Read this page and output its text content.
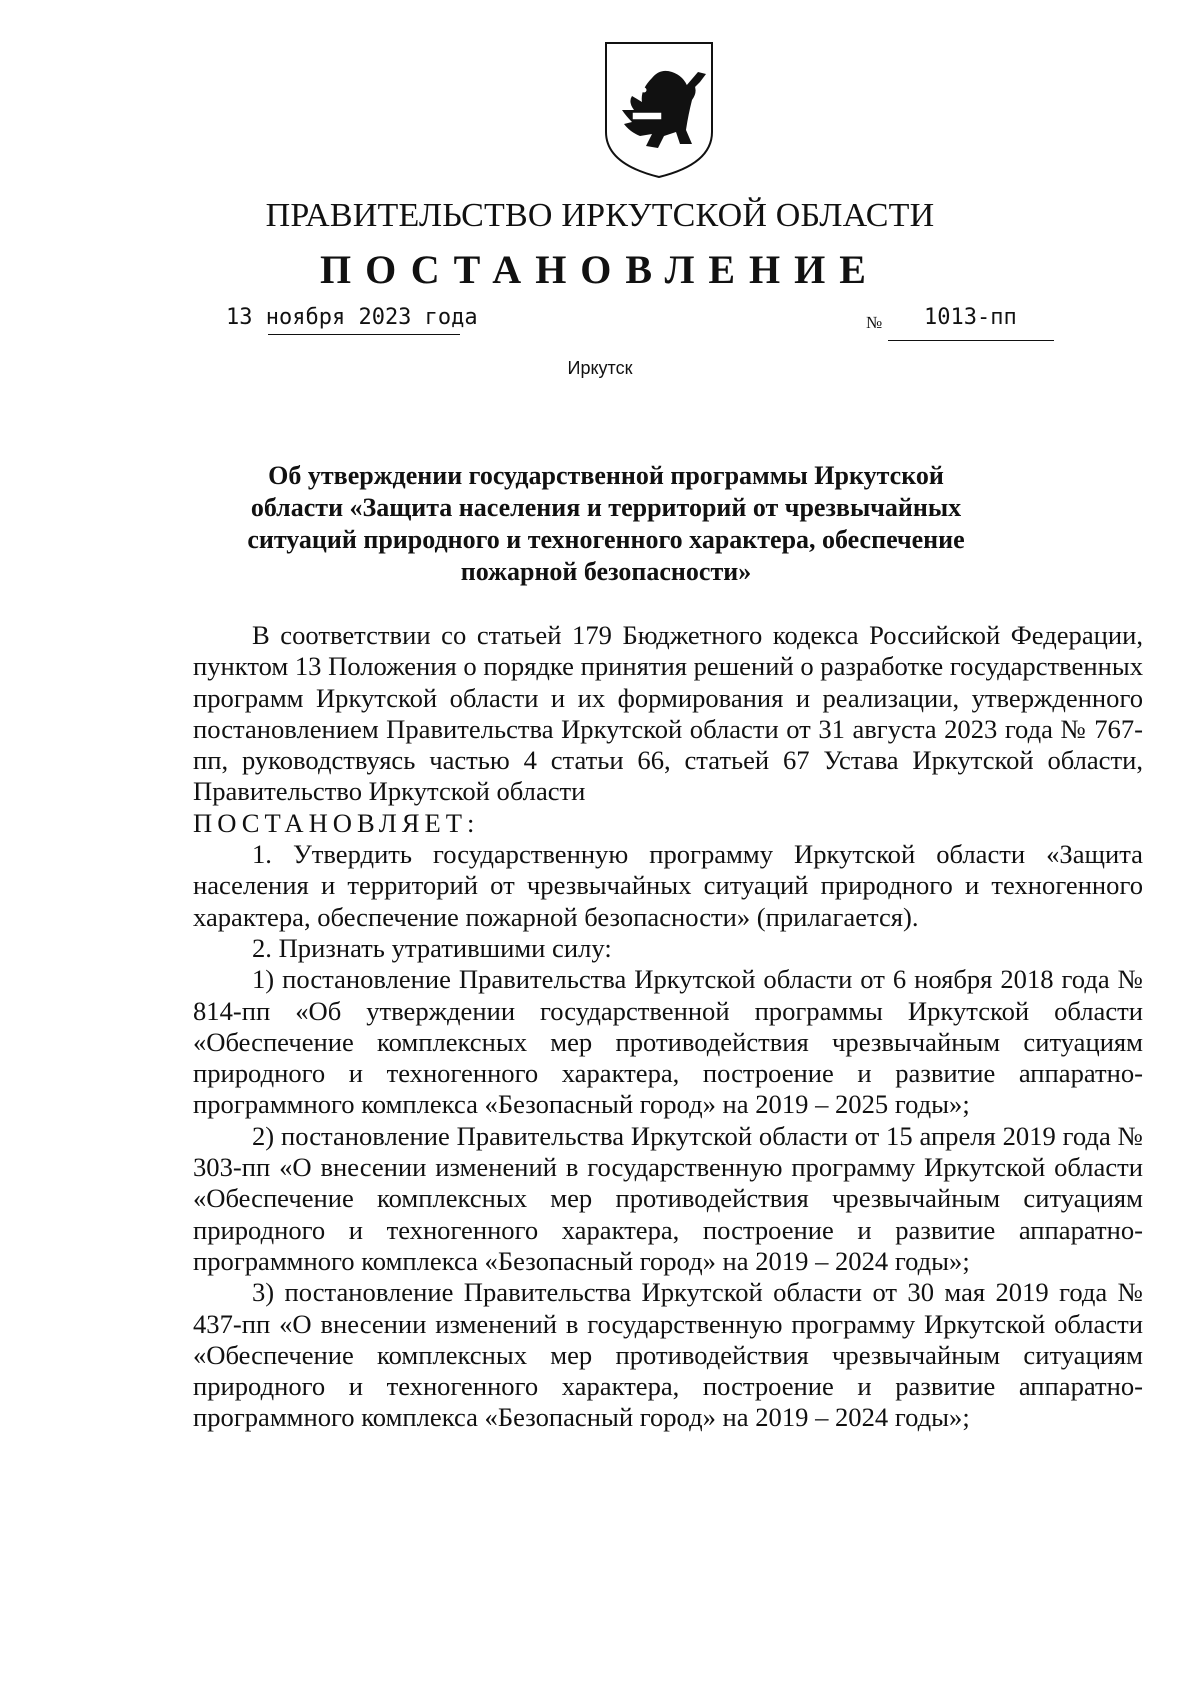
ПРАВИТЕЛЬСТВО ИРКУТСКОЙ ОБЛАСТИ
ПОСТАНОВЛЕНИЕ
13 ноября 2023 года	№ 1013-пп
Иркутск
Об утверждении государственной программы Иркутской области «Защита населения и территорий от чрезвычайных ситуаций природного и техногенного характера, обеспечение пожарной безопасности»

В соответствии со статьей 179 Бюджетного кодекса Российской Федерации, пунктом 13 Положения о порядке принятия решений о разработке государственных программ Иркутской области и их формирования и реализации, утвержденного постановлением Правительства Иркутской области от 31 августа 2023 года № 767-пп, руководствуясь частью 4 статьи 66, статьей 67 Устава Иркутской области, Правительство Иркутской области

ПОСТАНОВЛЯЕТ:

1. Утвердить государственную программу Иркутской области «Защита населения и территорий от чрезвычайных ситуаций природного и техногенного характера, обеспечение пожарной безопасности» (прилагается).

2. Признать утратившими силу:

1) постановление Правительства Иркутской области от 6 ноября 2018 года № 814-пп «Об утверждении государственной программы Иркутской области «Обеспечение комплексных мер противодействия чрезвычайным ситуациям природного и техногенного характера, построение и развитие аппаратно-программного комплекса «Безопасный город» на 2019 – 2025 годы»;

2) постановление Правительства Иркутской области от 15 апреля 2019 года № 303-пп «О внесении изменений в государственную программу Иркутской области «Обеспечение комплексных мер противодействия чрезвычайным ситуациям природного и техногенного характера, построение и развитие аппаратно-программного комплекса «Безопасный город» на 2019 – 2024 годы»;

3) постановление Правительства Иркутской области от 30 мая 2019 года № 437-пп «О внесении изменений в государственную программу Иркутской области «Обеспечение комплексных мер противодействия чрезвычайным ситуациям природного и техногенного характера, построение и развитие аппаратно-программного комплекса «Безопасный город» на 2019 – 2024 годы»;
